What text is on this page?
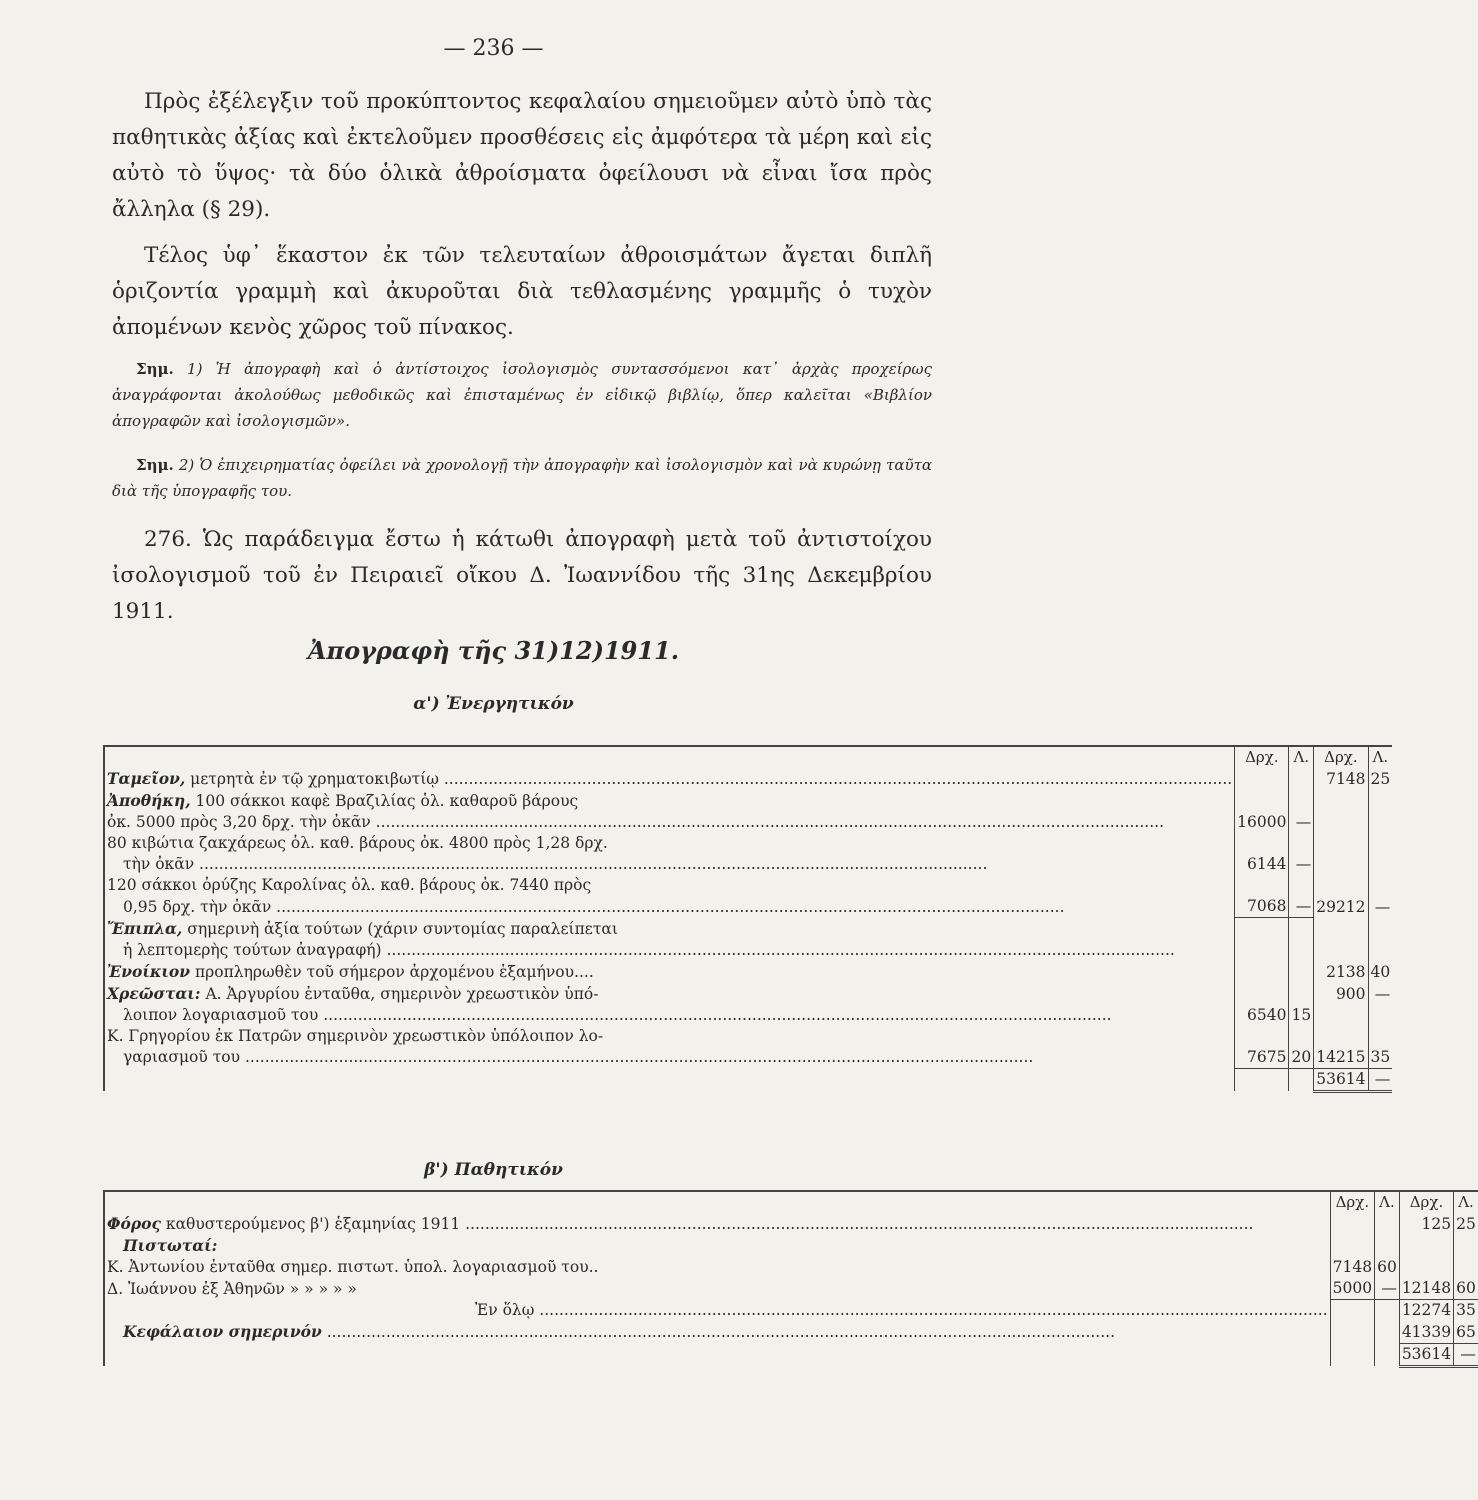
— 236 —
Πρὸς ἐξέλεγξιν τοῦ προκύπτοντος κεφαλαίου σημειοῦμεν αὐτὸ ὑπὸ τὰς παθητικὰς ἀξίας καὶ ἐκτελοῦμεν προσθέσεις εἰς ἀμφότερα τὰ μέρη καὶ εἰς αὐτὸ τὸ ὕψος· τὰ δύο ὁλικὰ ἀθροίσματα ὀφείλουσι νὰ εἶναι ἴσα πρὸς ἄλληλα (§ 29).
Τέλος ὑφ᾽ ἕκαστον ἐκ τῶν τελευταίων ἀθροισμάτων ἄγεται διπλῆ ὁριζοντία γραμμὴ καὶ ἀκυροῦται διὰ τεθλασμένης γραμμῆς ὁ τυχὸν ἀπομένων κενὸς χῶρος τοῦ πίνακος.
Σημ. 1) Ἡ ἀπογραφὴ καὶ ὁ ἀντίστοιχος ἰσολογισμὸς συντασσόμενοι κατ᾽ ἀρχὰς προχείρως ἀναγράφονται ἀκολούθως μεθοδικῶς καὶ ἐπισταμένως ἐν εἰδικῷ βιβλίῳ, ὅπερ καλεῖται «Βιβλίον ἀπογραφῶν καὶ ἰσολογισμῶν».
Σημ. 2) Ὁ ἐπιχειρηματίας ὀφείλει νὰ χρονολογῇ τὴν ἀπογραφὴν καὶ ἰσολογισμὸν καὶ νὰ κυρώνῃ ταῦτα διὰ τῆς ὑπογραφῆς του.
276. Ὡς παράδειγμα ἔστω ἡ κάτωθι ἀπογραφὴ μετὰ τοῦ ἀντιστοίχου ἰσολογισμοῦ τοῦ ἐν Πειραιεῖ οἴκου Δ. Ἰωαννίδου τῆς 31ης Δεκεμβρίου 1911.
Ἀπογραφὴ τῆς 31)12)1911.
α') Ἐνεργητικόν
	Δρχ.	Λ.	Δρχ.	Λ.
Ταμεῖον, μετρητὰ ἐν τῷ χρηματοκιβωτίῳ .....			7148	25
Ἀποθήκη, 100 σάκκοι καφὲ Βραζιλίας ὁλ. καθαροῦ βάρους				
ὀκ. 5000 πρὸς 3,20 δρχ. τὴν ὀκᾶν .....	16000	—		
80 κιβώτια ζακχάρεως ὁλ. καθ. βάρους ὀκ. 4800 πρὸς 1,28 δρχ.				
τὴν ὀκᾶν .....	6144	—		
120 σάκκοι ὀρύζης Καρολίνας ὁλ. καθ. βάρους ὀκ. 7440 πρὸς				
0,95 δρχ. τὴν ὀκᾶν .....	7068	—	29212	—
Ἔπιπλα, σημερινὴ ἀξία τούτων (χάριν συντομίας παραλείπεται				
ἡ λεπτομερὴς τούτων ἀναγραφή) .....				
Ἐνοίκιον προπληρωθὲν τοῦ σήμερον ἀρχομένου ἑξαμήνου....			2138	40
Χρεῶσται: Α. Ἀργυρίου ἐνταῦθα, σημερινὸν χρεωστικὸν ὑπό-			900	—
λοιπον λογαριασμοῦ του .....	6540	15		
Κ. Γρηγορίου ἐκ Πατρῶν σημερινὸν χρεωστικὸν ὑπόλοιπον λο-				
γαριασμοῦ του .....	7675	20	14215	35
			53614	—
β') Παθητικόν
	Δρχ.	Λ.	Δρχ.	Λ.
Φόρος καθυστερούμενος β') ἑξαμηνίας 1911 .....			125	25
Πιστωταί:				
Κ. Ἀντωνίου ἐνταῦθα σημερ. πιστωτ. ὑπολ. λογαριασμοῦ του..	7148	60		
Δ. Ἰωάννου ἐξ Ἀθηνῶν » » » » »	5000	—	12148	60
Ἐν ὅλῳ .....			12274	35
Κεφάλαιον σημερινόν .....			41339	65
			53614	—
